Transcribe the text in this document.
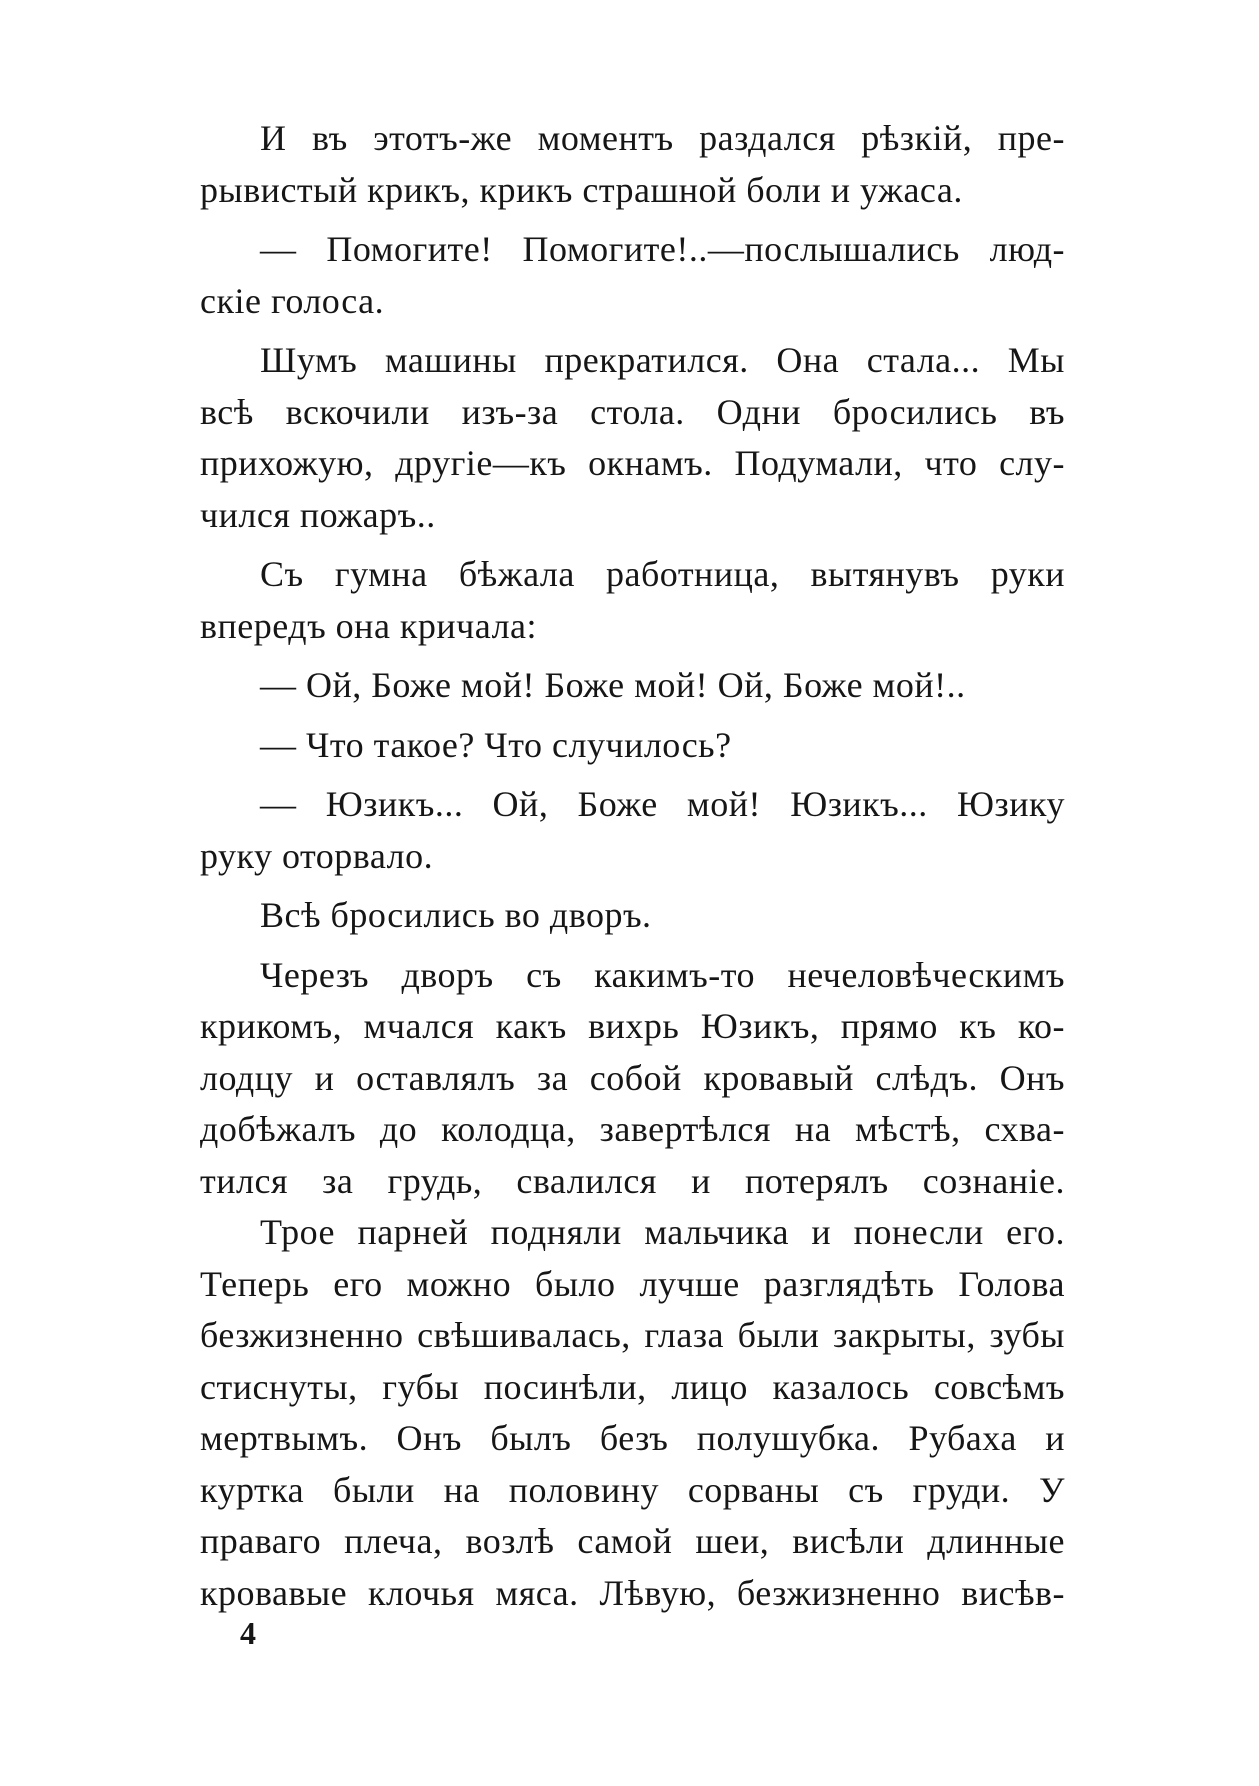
И въ этотъ-же моментъ раздался рѣзкій, пре-
рывистый крикъ, крикъ страшной боли и ужаса.
— Помогите! Помогите!..—послышались люд-
скіе голоса.
Шумъ машины прекратился. Она стала... Мы
всѣ вскочили изъ-за стола. Одни бросились въ
прихожую, другіе—къ окнамъ. Подумали, что слу-
чился пожаръ..
Съ гумна бѣжала работница, вытянувъ руки
впередъ она кричала:
— Ой, Боже мой! Боже мой! Ой, Боже мой!..
— Что такое? Что случилось?
— Юзикъ... Ой, Боже мой! Юзикъ... Юзику
руку оторвало.
Всѣ бросились во дворъ.
Черезъ дворъ съ какимъ-то нечеловѣческимъ
крикомъ, мчался какъ вихрь Юзикъ, прямо къ ко-
лодцу и оставлялъ за собой кровавый слѣдъ. Онъ
добѣжалъ до колодца, завертѣлся на мѣстѣ, схва-
тился за грудь, свалился и потерялъ сознаніе.
Трое парней подняли мальчика и понесли его.
Теперь его можно было лучше разглядѣть Голова
безжизненно свѣшивалась, глаза были закрыты, зубы
стиснуты, губы посинѣли, лицо казалось совсѣмъ
мертвымъ. Онъ былъ безъ полушубка. Рубаха и
куртка были на половину сорваны съ груди. У
праваго плеча, возлѣ самой шеи, висѣли длинные
кровавые клочья мяса. Лѣвую, безжизненно висѣв-
4
